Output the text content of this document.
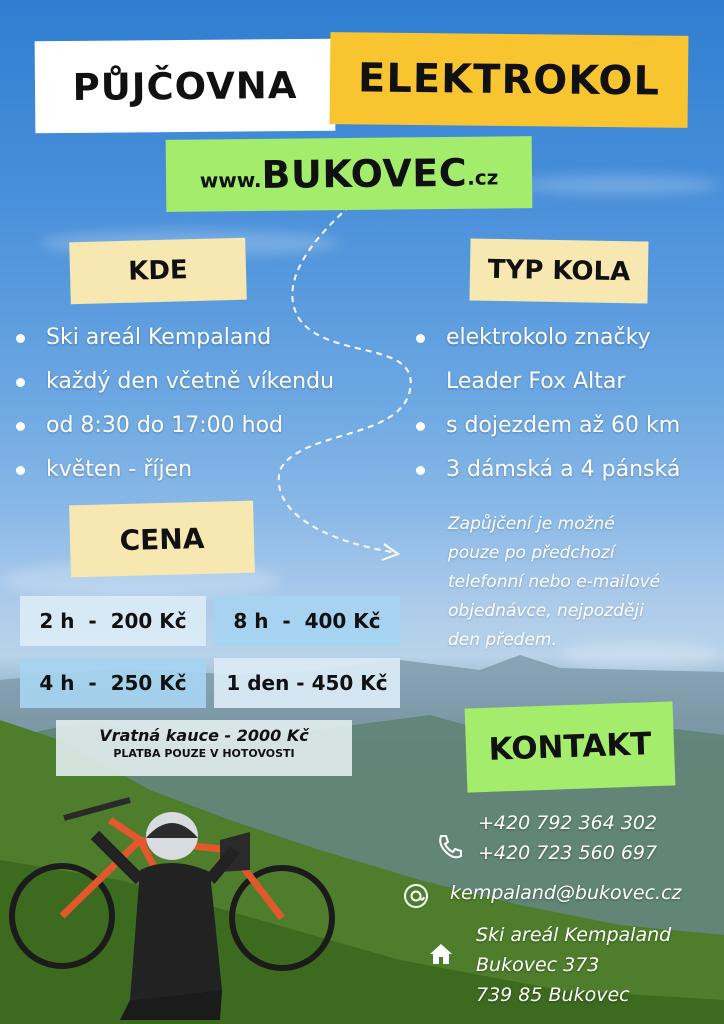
PŮJČOVNA ELEKTROKOL
www. BUKOVEC .cz
KDE
Ski areál Kempaland
každý den včetně víkendu
od 8:30 do 17:00 hod
květen - říjen
TYP KOLA
elektrokolo značky
Leader Fox Altar
s dojezdem až 60 km
3 dámská a 4 pánská
Zapůjčení je možné
pouze po předchozí
telefonní nebo e-mailové
objednávce, nejpozději
den předem.
CENA
2 h  -  200 Kč	8 h  -  400 Kč
4 h  -  250 Kč	1 den - 450 Kč
Vratná kauce - 2000 Kč
PLATBA POUZE V HOTOVOSTI	KONTAKT
+420 792 364 302
+420 723 560 697
kempaland@bukovec.cz
Ski areál Kempaland
Bukovec 373
739 85 Bukovec
